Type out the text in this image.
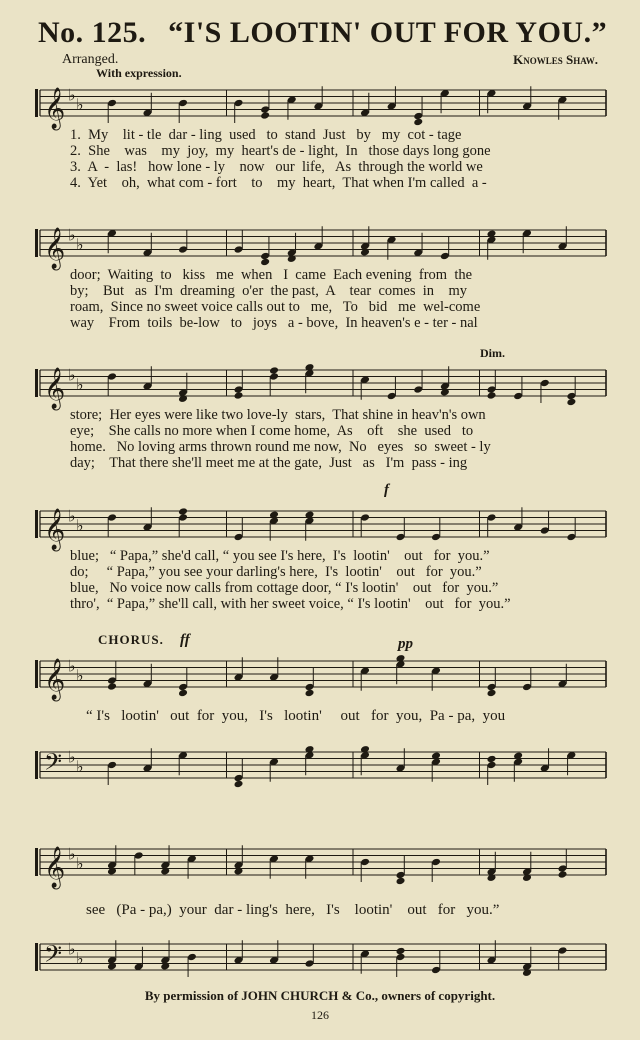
No. 125. “I'S LOOTIN' OUT FOR YOU.”
Arranged.	Knowles Shaw.
With expression.
𝄞 ♭
♭
1.  My    lit - tle  dar - ling  used   to  stand  Just   by   my  cot - tage
2.  She    was    my  joy,  my  heart's de - light,  In   those days long gone
3.  A  -  las!   how lone - ly    now   our  life,   As  through the world we
4.  Yet    oh,  what com - fort    to    my  heart,  That when I'm called  a -
𝄞 ♭
♭
door;  Waiting  to   kiss   me  when   I  came  Each evening  from  the
by;    But   as  I'm  dreaming  o'er  the past,  A    tear  comes  in    my
roam,  Since no sweet voice calls out to   me,   To   bid   me  wel-come
way    From  toils  be-low   to   joys   a - bove,  In heaven's e - ter - nal
Dim.
𝄞 ♭
♭
store;  Her eyes were like two love-ly  stars,  That shine in heav'n's own
eye;    She calls no more when I come home,  As    oft    she  used   to
home.   No loving arms thrown round me now,  No   eyes   so  sweet - ly
day;    That there she'll meet me at the gate,  Just   as   I'm  pass - ing
f
𝄞 ♭
♭
blue;   “ Papa,” she'd call, “ you see I's here,  I's  lootin'    out   for  you.”
do;     “ Papa,” you see your darling's here,  I's  lootin'    out   for  you.”
blue,   No voice now calls from cottage door, “ I's lootin'    out   for  you.”
thro',  “ Papa,” she'll call, with her sweet voice, “ I's lootin'    out   for  you.”
CHORUS. ff	pp
𝄞 ♭
♭
“ I's   lootin'   out  for  you,   I's   lootin'     out   for  you,  Pa - pa,  you
𝄢 ♭
♭
𝄞 ♭
♭
see   (Pa - pa,)  your  dar - ling's  here,   I's    lootin'    out   for   you.”
𝄢 ♭
♭
By permission of JOHN CHURCH & Co., owners of copyright.
126
